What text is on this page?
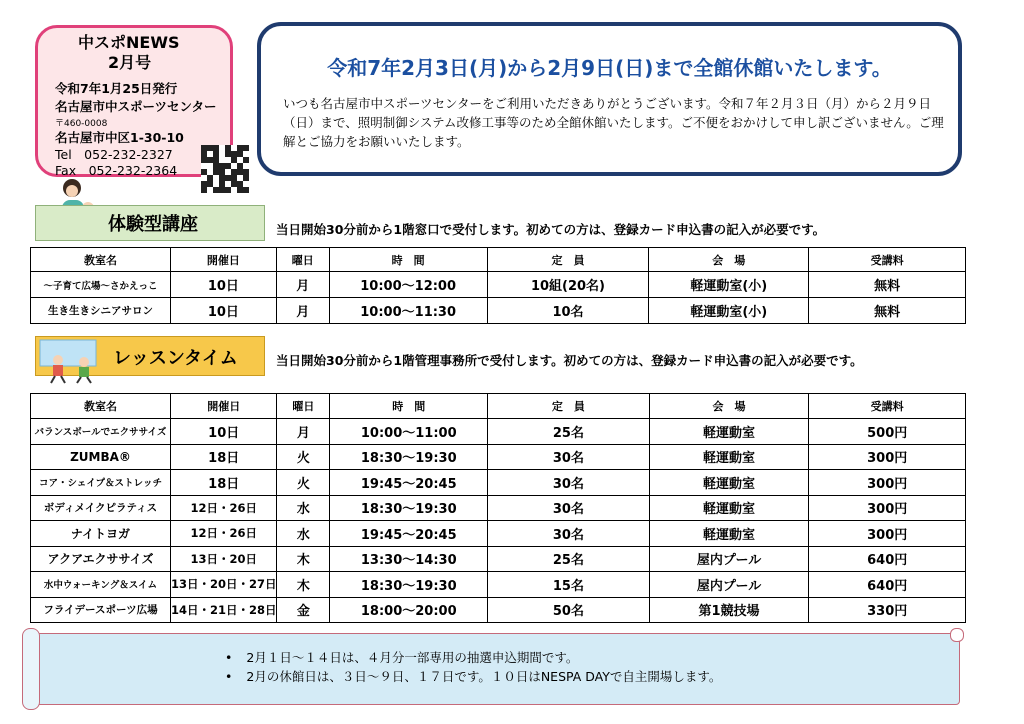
中スポNEWS
2月号
令和7年1月25日発行
名古屋市中スポーツセンター
〒460-0008
名古屋市中区1-30-10
Tel　052-232-2327
Fax　052-232-2364
令和7年2月3日(月)から2月9日(日)まで全館休館いたします。
いつも名古屋市中スポーツセンターをご利用いただきありがとうございます。令和７年２月３日（月）から２月９日（日）まで、照明制御システム改修工事等のため全館休館いたします。ご不便をおかけして申し訳ございません。ご理解とご協力をお願いいたします。
体験型講座	当日開始30分前から1階窓口で受付します。初めての方は、登録カード申込書の記入が必要です。
教室名	開催日	曜日	時　間	定　員	会　場	受講料
～子育て広場～さかえっこ	10日	月	10:00～12:00	10組(20名)	軽運動室(小)	無料
生き生きシニアサロン	10日	月	10:00～11:30	10名	軽運動室(小)	無料
レッスンタイム	当日開始30分前から1階管理事務所で受付します。初めての方は、登録カード申込書の記入が必要です。
教室名	開催日	曜日	時　間	定　員	会　場	受講料
バランスボールでエクササイズ	10日	月	10:00～11:00	25名	軽運動室	500円
ZUMBA®	18日	火	18:30～19:30	30名	軽運動室	300円
コア・シェイプ＆ストレッチ	18日	火	19:45～20:45	30名	軽運動室	300円
ボディメイクピラティス	12日・26日	水	18:30～19:30	30名	軽運動室	300円
ナイトヨガ	12日・26日	水	19:45～20:45	30名	軽運動室	300円
アクアエクササイズ	13日・20日	木	13:30～14:30	25名	屋内プール	640円
水中ウォーキング＆スイム	13日・20日・27日	木	18:30～19:30	15名	屋内プール	640円
フライデースポーツ広場	14日・21日・28日	金	18:00～20:00	50名	第1競技場	330円
• 2月１日～１４日は、４月分一部専用の抽選申込期間です。
• 2月の休館日は、３日～９日、１７日です。１０日はNESPA DAYで自主開場します。
